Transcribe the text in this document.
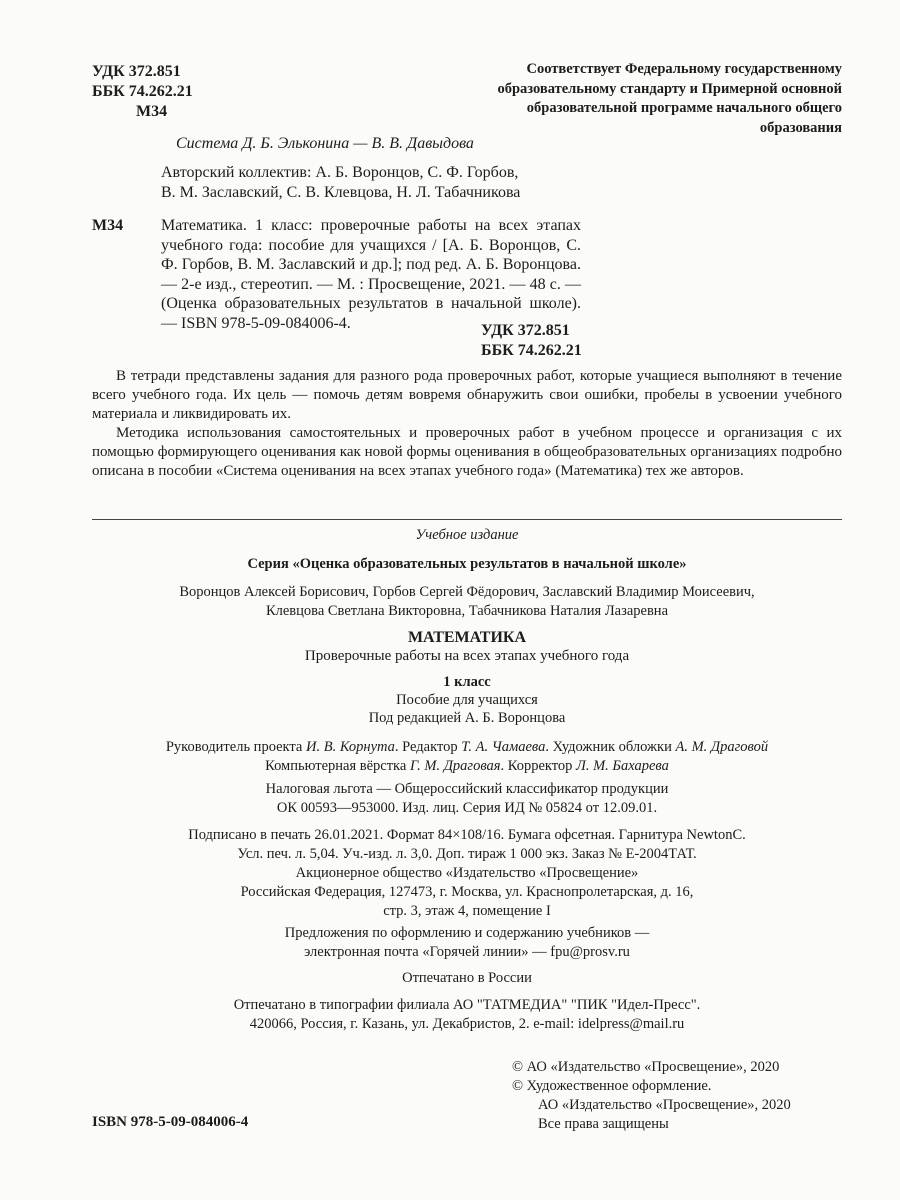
УДК 372.851
ББК 74.262.21
М34
Соответствует Федеральному государственному образовательному стандарту и Примерной основной образовательной программе начального общего образования
Система Д. Б. Эльконина — В. В. Давыдова
Авторский коллектив: А. Б. Воронцов, С. Ф. Горбов,
В. М. Заславский, С. В. Клевцова, Н. Л. Табачникова
М34 Математика. 1 класс: проверочные работы на всех этапах учебного года: пособие для учащихся / [А. Б. Воронцов, С. Ф. Горбов, В. М. Заславский и др.]; под ред. А. Б. Воронцова. — 2-е изд., стереотип. — М. : Просвещение, 2021. — 48 с. — (Оценка образовательных результатов в начальной школе). — ISBN 978-5-09-084006-4.	УДК 372.851
ББК 74.262.21
В тетради представлены задания для разного рода проверочных работ, которые учащиеся выполняют в течение всего учебного года. Их цель — помочь детям вовремя обнаружить свои ошибки, пробелы в усвоении учебного материала и ликвидировать их.
Методика использования самостоятельных и проверочных работ в учебном процессе и организация с их помощью формирующего оценивания как новой формы оценивания в общеобразовательных организациях подробно описана в пособии «Система оценивания на всех этапах учебного года» (Математика) тех же авторов.
Учебное издание
Серия «Оценка образовательных результатов в начальной школе»
Воронцов Алексей Борисович, Горбов Сергей Фёдорович, Заславский Владимир Моисеевич,
Клевцова Светлана Викторовна, Табачникова Наталия Лазаревна
МАТЕМАТИКА
Проверочные работы на всех этапах учебного года
1 класс
Пособие для учащихся
Под редакцией А. Б. Воронцова
Руководитель проекта И. В. Корнута. Редактор Т. А. Чамаева. Художник обложки А. М. Драговой
Компьютерная вёрстка Г. М. Драговая. Корректор Л. М. Бахарева
Налоговая льгота — Общероссийский классификатор продукции
ОК 00593—953000. Изд. лиц. Серия ИД № 05824 от 12.09.01.
Подписано в печать 26.01.2021. Формат 84×108/16. Бумага офсетная. Гарнитура NewtonC.
Усл. печ. л. 5,04. Уч.-изд. л. 3,0. Доп. тираж 1 000 экз. Заказ № Е-2004ТАТ.
Акционерное общество «Издательство «Просвещение»
Российская Федерация, 127473, г. Москва, ул. Краснопролетарская, д. 16,
стр. 3, этаж 4, помещение I
Предложения по оформлению и содержанию учебников —
электронная почта «Горячей линии» — fpu@prosv.ru
Отпечатано в России
Отпечатано в типографии филиала АО "ТАТМЕДИА" "ПИК "Идел-Пресс".
420066, Россия, г. Казань, ул. Декабристов, 2. e-mail: idelpress@mail.ru
© АО «Издательство «Просвещение», 2020
© Художественное оформление.
АО «Издательство «Просвещение», 2020
Все права защищены
ISBN 978-5-09-084006-4
